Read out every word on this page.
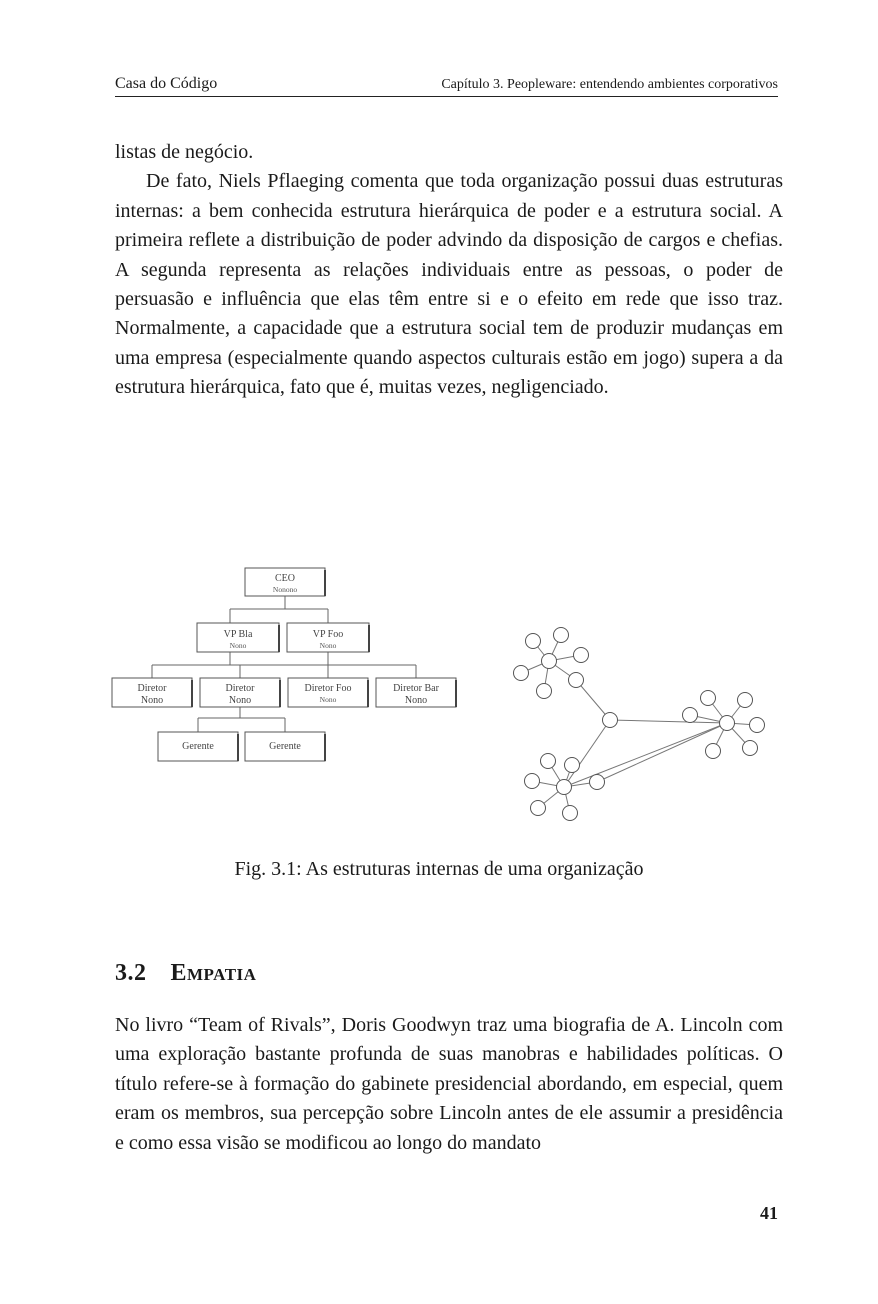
Casa do Código	Capítulo 3. Peopleware: entendendo ambientes corporativos

listas de negócio.
De fato, Niels Pflaeging comenta que toda organização possui duas estruturas internas: a bem conhecida estrutura hierárquica de poder e a estrutura social. A primeira reflete a distribuição de poder advindo da disposição de cargos e chefias. A segunda representa as relações individuais entre as pessoas, o poder de persuasão e influência que elas têm entre si e o efeito em rede que isso traz. Normalmente, a capacidade que a estrutura social tem de produzir mudanças em uma empresa (especialmente quando aspectos culturais estão em jogo) supera a da estrutura hierárquica, fato que é, muitas vezes, negligenciado.

CEO
Nonono
VP Bla
Nono
VP Foo
Nono
Diretor
Nono
Diretor
Nono
Diretor Foo
Nono
Diretor Bar
Nono
Gerente	Gerente

Fig. 3.1: As estruturas internas de uma organização

3.2 Empatia

No livro “Team of Rivals”, Doris Goodwyn traz uma biografia de A. Lincoln com uma exploração bastante profunda de suas manobras e habilidades políticas. O título refere-se à formação do gabinete presidencial abordando, em especial, quem eram os membros, sua percepção sobre Lincoln antes de ele assumir a presidência e como essa visão se modificou ao longo do mandato

41
